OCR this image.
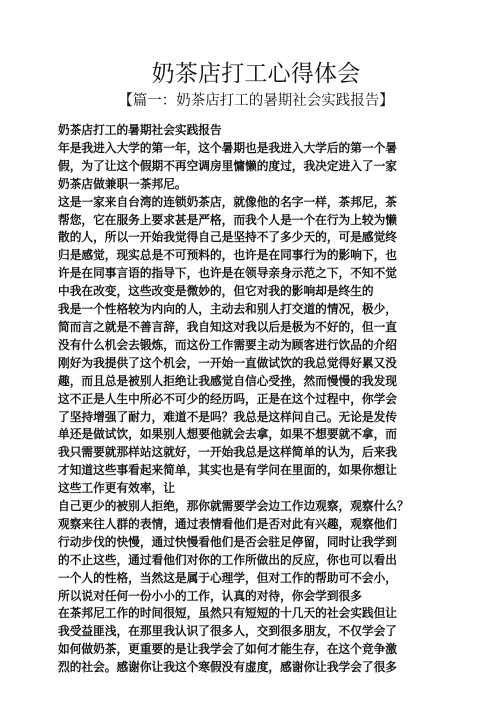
奶茶店打工心得体会
【篇一：奶茶店打工的暑期社会实践报告】
奶茶店打工的暑期社会实践报告
年是我进入大学的第一年，这个暑期也是我进入大学后的第一个暑
假，为了让这个假期不再空调房里慵懒的度过，我决定进入了一家
奶茶店做兼职一茶邦尼。
这是一家来自台湾的连锁奶茶店，就像他的名字一样，茶邦尼，茶
帮您，它在服务上要求甚是严格，而我个人是一个在行为上较为懒
散的人，所以一开始我觉得自己是坚持不了多少天的，可是感觉终
归是感觉，现实总是不可预料的，也许是在同事行为的影响下，也
许是在同事言语的指导下，也许是在领导亲身示范之下，不知不觉
中我在改变，这些改变是微妙的，但它对我的影响却是终生的
我是一个性格较为内向的人，主动去和别人打交道的情况，极少，
简而言之就是不善言辞，我自知这对我以后是极为不好的，但一直
没有什么机会去锻炼，而这份工作需要主动为顾客进行饮品的介绍
刚好为我提供了这个机会，一开始一直做试饮的我总觉得好累又没
趣，而且总是被别人拒绝让我感觉自信心受挫，然而慢慢的我发现
这不正是人生中所必不可少的经历吗，正是在这个过程中，你学会
了坚持增强了耐力，难道不是吗？我总是这样问自己。无论是发传
单还是做试饮，如果别人想要他就会去拿，如果不想要就不拿，而
我只需要就那样站这就好，一开始我总是这样简单的认为，后来我
才知道这些事看起来简单，其实也是有学问在里面的，如果你想让
这些工作更有效率，让
自己更少的被别人拒绝，那你就需要学会边工作边观察，观察什么？
观察来往人群的表情，通过表情看他们是否对此有兴趣，观察他们
行动步伐的快慢，通过快慢看他们是否会驻足停留，同时让我学到
的不止这些，通过看他们对你的工作所做出的反应，你也可以看出
一个人的性格，当然这是属于心理学，但对工作的帮助可不会小，
所以说对任何一份小小的工作，认真的对待，你会学到很多
在茶邦尼工作的时间很短，虽然只有短短的十几天的社会实践但让
我受益匪浅，在那里我认识了很多人，交到很多朋友，不仅学会了
如何做奶茶，更重要的是让我学会了如何才能生存，在这个竞争激
烈的社会。感谢你让我这个寒假没有虚度，感谢你让我学会了很多
